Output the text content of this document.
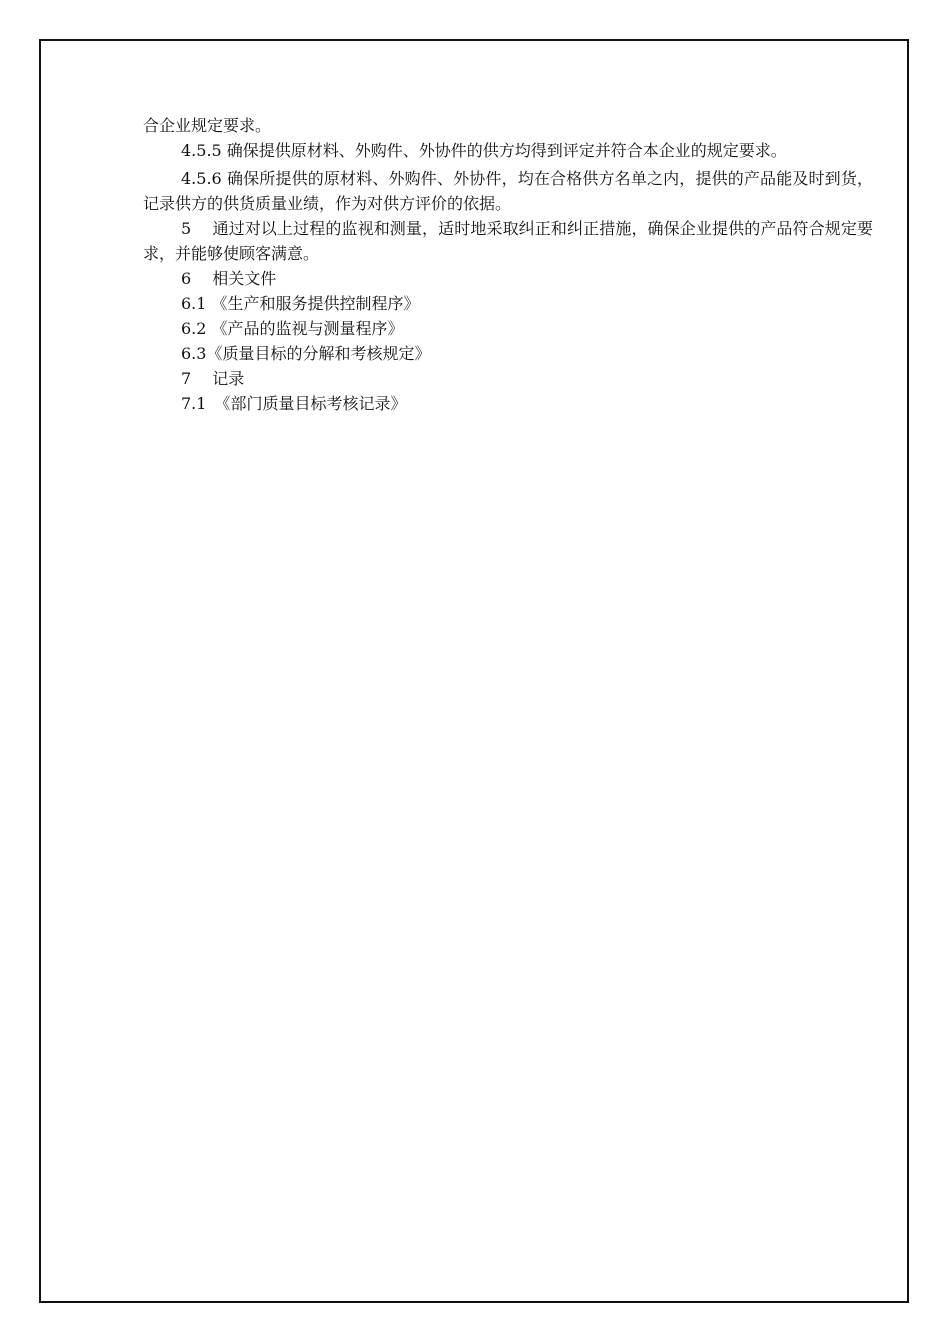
合企业规定要求。

4.5.5 确保提供原材料、外购件、外协件的供方均得到评定并符合本企业的规定要求。

4.5.6 确保所提供的原材料、外购件、外协件，均在合格供方名单之内，提供的产品能及时到货，记录供方的供货质量业绩，作为对供方评价的依据。

5　 通过对以上过程的监视和测量，适时地采取纠正和纠正措施，确保企业提供的产品符合规定要求，并能够使顾客满意。

6　 相关文件

6.1 《生产和服务提供控制程序》

6.2 《产品的监视与测量程序》

6.3《质量目标的分解和考核规定》

7　 记录

7.1　《部门质量目标考核记录》
